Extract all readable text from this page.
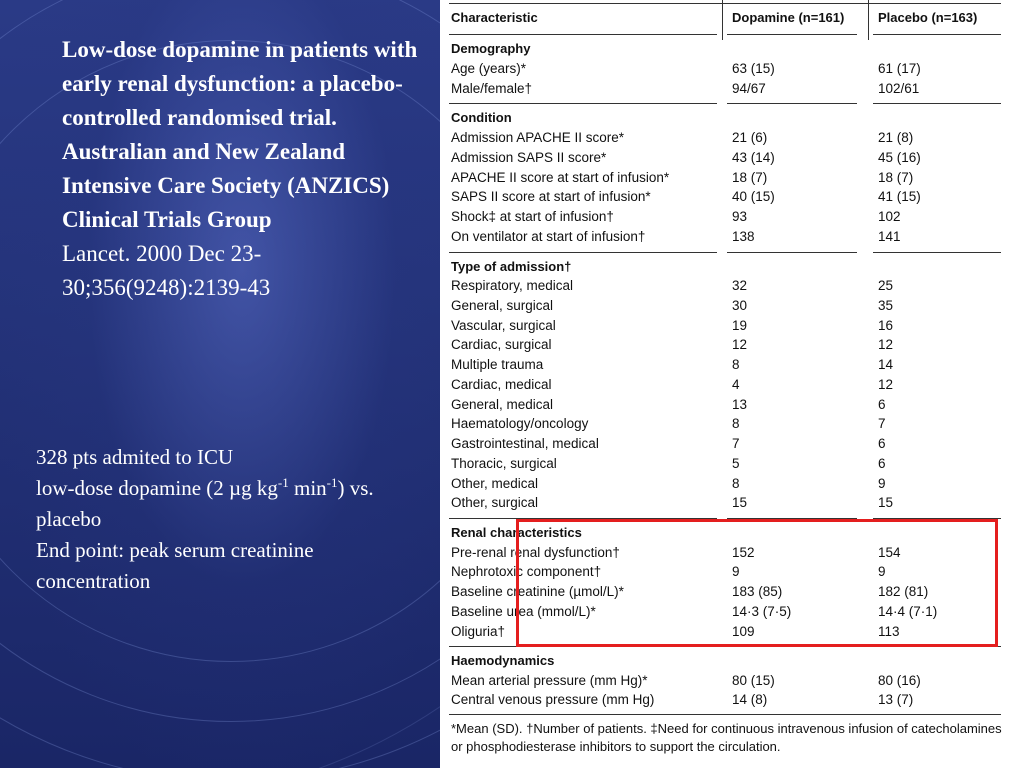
Low-dose dopamine in patients with early renal dysfunction: a placebo-controlled randomised trial. Australian and New Zealand Intensive Care Society (ANZICS) Clinical Trials Group
Lancet. 2000 Dec 23-30;356(9248):2139-43
328 pts admited to ICU
low-dose dopamine (2 µg $kg^{-1}$ $\min^{-1}$) vs. placebo
End point: peak serum creatinine concentration
Characteristic	Dopamine (n=161)	Placebo (n=163)
Demography
Age (years)*	63 (15)	61 (17)
Male/female†	94/67	102/61
Condition
Admission APACHE II score*	21 (6)	21 (8)
Admission SAPS II score*	43 (14)	45 (16)
APACHE II score at start of infusion*	18 (7)	18 (7)
SAPS II score at start of infusion*	40 (15)	41 (15)
Shock‡ at start of infusion†	93	102
On ventilator at start of infusion†	138	141
Type of admission†
Respiratory, medical	32	25
General, surgical	30	35
Vascular, surgical	19	16
Cardiac, surgical	12	12
Multiple trauma	8	14
Cardiac, medical	4	12
General, medical	13	6
Haematology/oncology	8	7
Gastrointestinal, medical	7	6
Thoracic, surgical	5	6
Other, medical	8	9
Other, surgical	15	15
Renal characteristics
Pre-renal renal dysfunction†	152	154
Nephrotoxic component†	9	9
Baseline creatinine (µmol/L)*	183 (85)	182 (81)
Baseline urea (mmol/L)*	14·3 (7·5)	14·4 (7·1)
Oliguria†	109	113
Haemodynamics
Mean arterial pressure (mm Hg)*	80 (15)	80 (16)
Central venous pressure (mm Hg)	14 (8)	13 (7)
*Mean (SD). †Number of patients. ‡Need for continuous intravenous infusion of catecholamines or phosphodiesterase inhibitors to support the circulation.
